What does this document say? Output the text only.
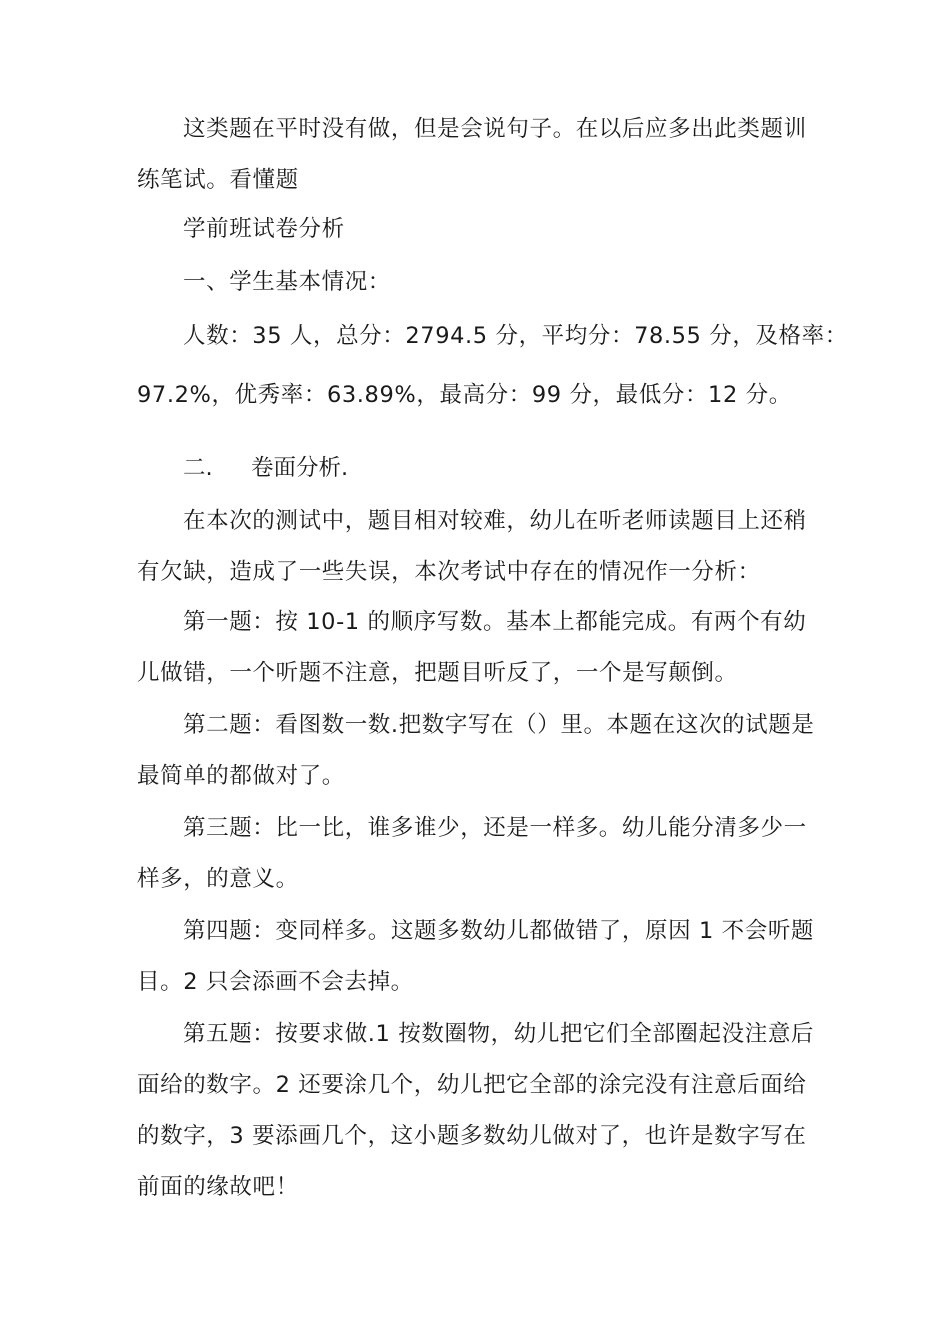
这类题在平时没有做，但是会说句子。在以后应多出此类题训练笔试。看懂题

学前班试卷分析

一、学生基本情况：

人数：35 人，总分：2794.5 分，平均分：78.55 分，及格率：

97.2%，优秀率：63.89%，最高分：99 分，最低分：12 分。

二. 卷面分析.

在本次的测试中，题目相对较难，幼儿在听老师读题目上还稍有欠缺，造成了一些失误，本次考试中存在的情况作一分析：

第一题：按 10-1 的顺序写数。基本上都能完成。有两个有幼儿做错，一个听题不注意，把题目听反了，一个是写颠倒。

第二题：看图数一数.把数字写在（）里。本题在这次的试题是最简单的都做对了。

第三题：比一比，谁多谁少，还是一样多。幼儿能分清多少一样多，的意义。

第四题：变同样多。这题多数幼儿都做错了，原因 1 不会听题目。2 只会添画不会去掉。

第五题：按要求做.1 按数圈物，幼儿把它们全部圈起没注意后面给的数字。2 还要涂几个，幼儿把它全部的涂完没有注意后面给的数字，3 要添画几个，这小题多数幼儿做对了，也许是数字写在前面的缘故吧！
